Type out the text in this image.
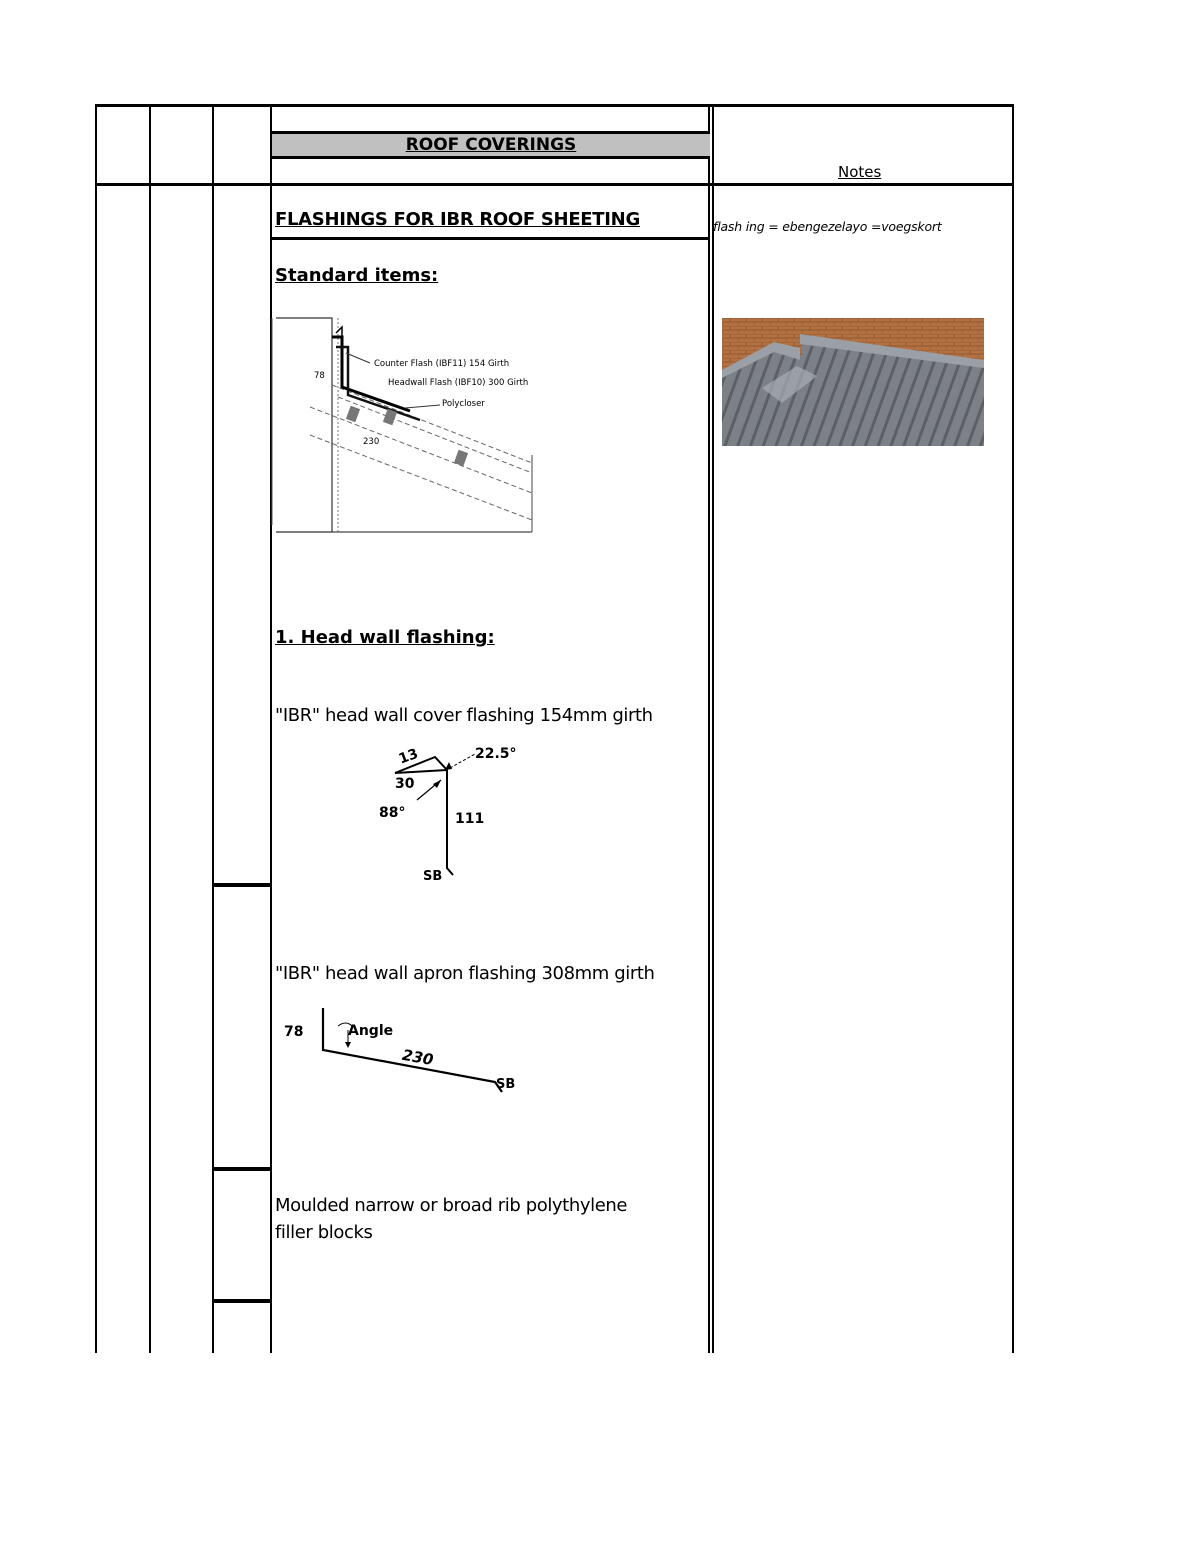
ROOF COVERINGS
Notes
FLASHINGS FOR IBR ROOF SHEETING	flash ing = ebengezelayo =voegskort
Standard items:
Counter Flash (IBF11) 154 Girth
Headwall Flash (IBF10) 300 Girth
Polycloser
78
230
1. Head wall flashing:
"IBR" head wall cover flashing 154mm girth
13	22.5°
30
88°	111
SB
"IBR" head wall apron flashing 308mm girth
78	Angle
230
SB
Moulded narrow or broad rib polythylene
filler blocks
